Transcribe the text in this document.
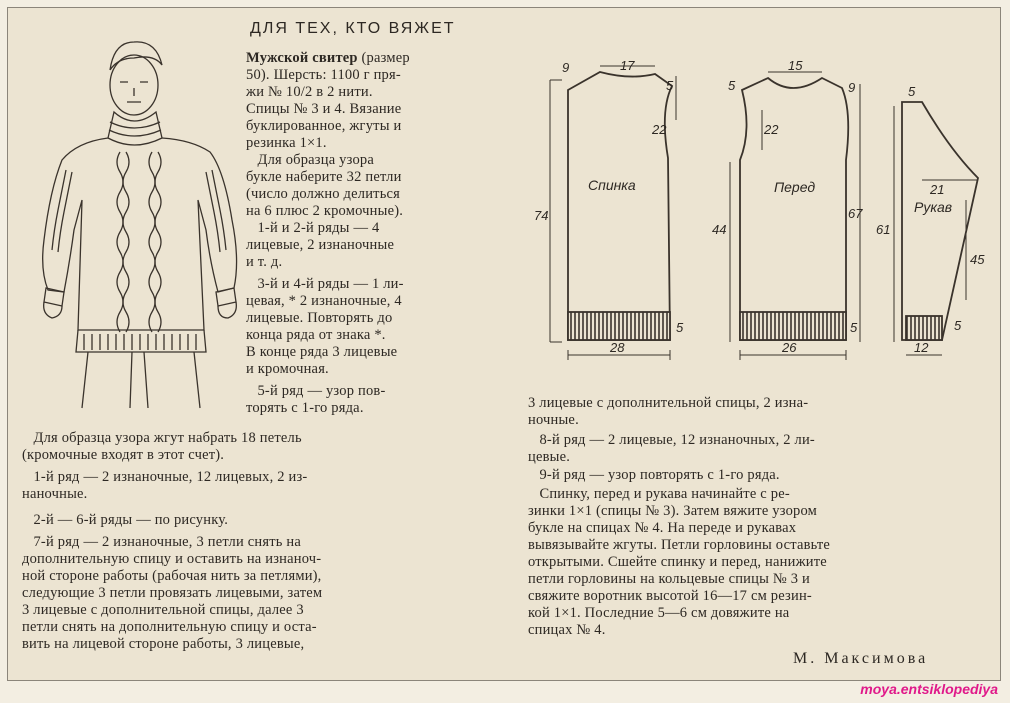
ДЛЯ ТЕХ, КТО ВЯЖЕТ
Мужской свитер (размер
50). Шерсть: 1100 г пря-
жи № 10/2 в 2 нити.
Спицы № 3 и 4. Вязание
буклированное, жгуты и
резинка 1×1.
Для образца узора
букле наберите 32 петли
(число должно делиться
на 6 плюс 2 кромочные).
1-й и 2-й ряды — 4
лицевые, 2 изнаночные
и т. д.
3-й и 4-й ряды — 1 ли-
цевая, * 2 изнаночные, 4
лицевые. Повторять до
конца ряда от знака *.
В конце ряда 3 лицевые
и кромочная.
5-й ряд — узор пов-
торять с 1-го ряда.
Для образца узора жгут набрать 18 петель
(кромочные входят в этот счет).
1-й ряд — 2 изнаночные, 12 лицевых, 2 из-
наночные.
2-й — 6-й ряды — по рисунку.
7-й ряд — 2 изнаночные, 3 петли снять на
дополнительную спицу и оставить на изнаноч-
ной стороне работы (рабочая нить за петлями),
следующие 3 петли провязать лицевыми, затем
3 лицевые с дополнительной спицы, далее 3
петли снять на дополнительную спицу и оста-
вить на лицевой стороне работы, 3 лицевые,
3 лицевые с дополнительной спицы, 2 изна-
ночные.
8-й ряд — 2 лицевые, 12 изнаночных, 2 ли-
цевые.
9-й ряд — узор повторять с 1-го ряда.
Спинку, перед и рукава начинайте с ре-
зинки 1×1 (спицы № 3). Затем вяжите узором
букле на спицах № 4. На переде и рукавах
вывязывайте жгуты. Петли горловины оставьте
открытыми. Сшейте спинку и перед, нанижите
петли горловины на кольцевые спицы № 3 и
свяжите воротник высотой 16—17 см резин-
кой 1×1. Последние 5—6 см довяжите на
спицах № 4.
М. Максимова
moya.entsiklopediya
Спинка
9	17
5
22
74
5
28
Перед
5
15
9
22
44
67
5
26
Рукав
5
21
61
45
5
12
